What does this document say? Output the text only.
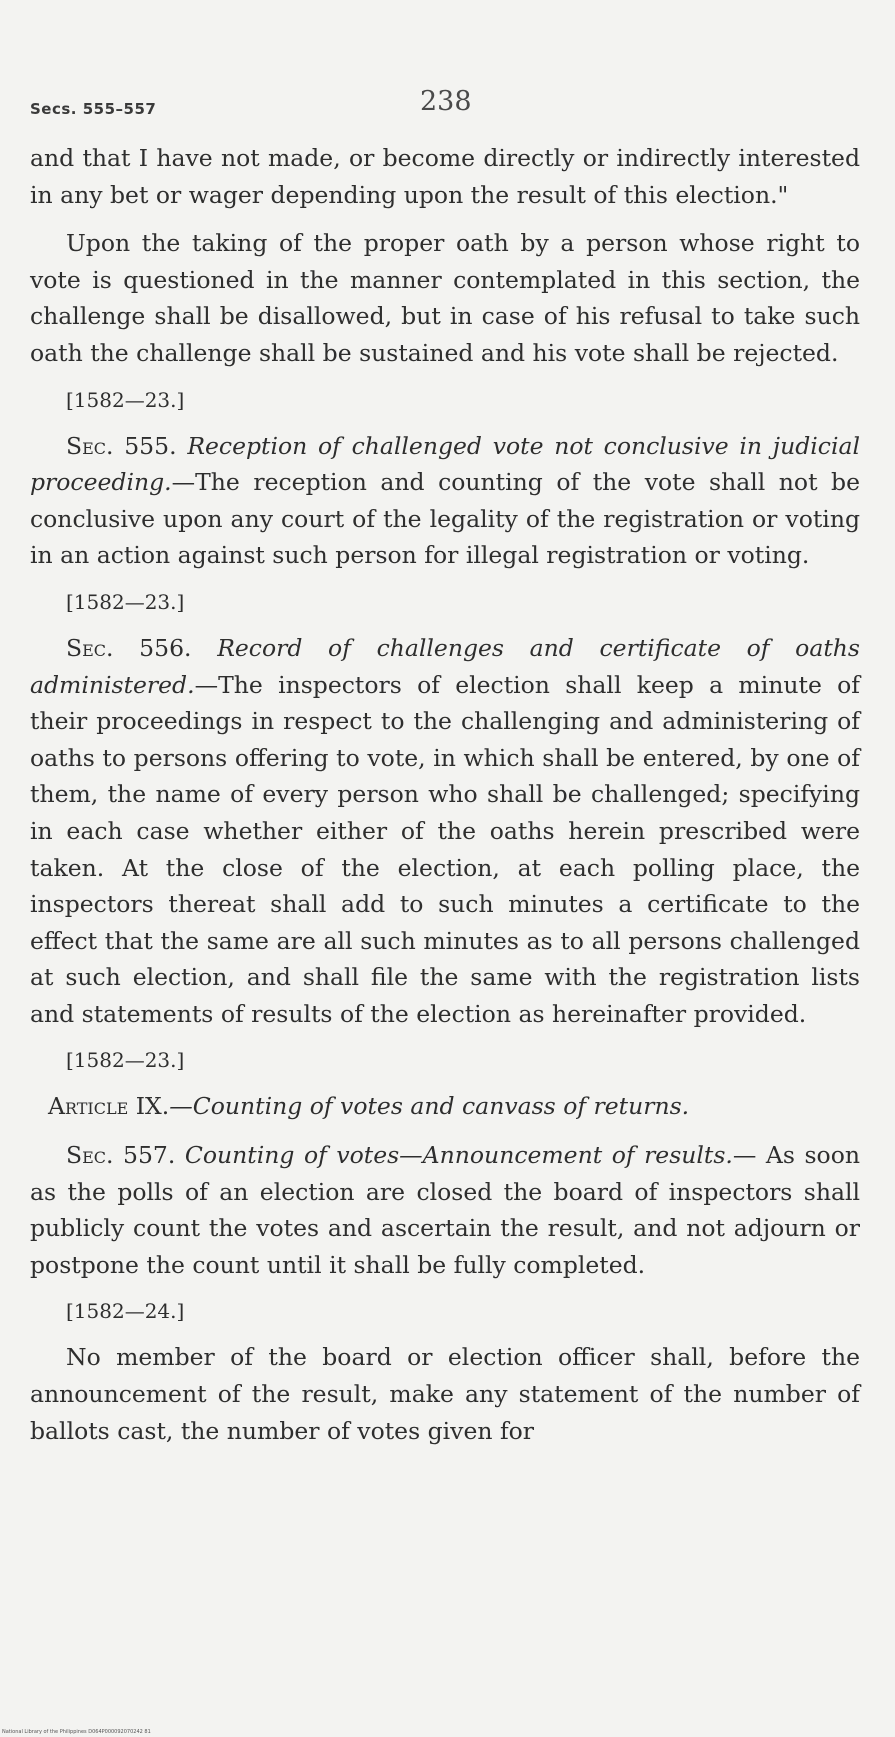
Secs. 555–557	238

and that I have not made, or become directly or indirectly interested in any bet or wager depending upon the result of this election."

Upon the taking of the proper oath by a person whose right to vote is questioned in the manner contemplated in this section, the challenge shall be disallowed, but in case of his refusal to take such oath the challenge shall be sustained and his vote shall be rejected.

[1582—23.]

Sec. 555. Reception of challenged vote not conclusive in judicial proceeding.—The reception and counting of the vote shall not be conclusive upon any court of the legality of the registration or voting in an action against such person for illegal registration or voting.

[1582—23.]

Sec. 556. Record of challenges and certificate of oaths administered.—The inspectors of election shall keep a minute of their proceedings in respect to the challenging and administering of oaths to persons offering to vote, in which shall be entered, by one of them, the name of every person who shall be challenged; specifying in each case whether either of the oaths herein prescribed were taken. At the close of the election, at each polling place, the inspectors thereat shall add to such minutes a certificate to the effect that the same are all such minutes as to all persons challenged at such election, and shall file the same with the registration lists and statements of results of the election as hereinafter provided.

[1582—23.]

Article IX.—Counting of votes and canvass of returns.

Sec. 557. Counting of votes—Announcement of results.— As soon as the polls of an election are closed the board of inspectors shall publicly count the votes and ascertain the result, and not adjourn or postpone the count until it shall be fully completed.

[1582—24.]

No member of the board or election officer shall, before the announcement of the result, make any statement of the number of ballots cast, the number of votes given for

National Library of the Philippines D064P000092070242 81
